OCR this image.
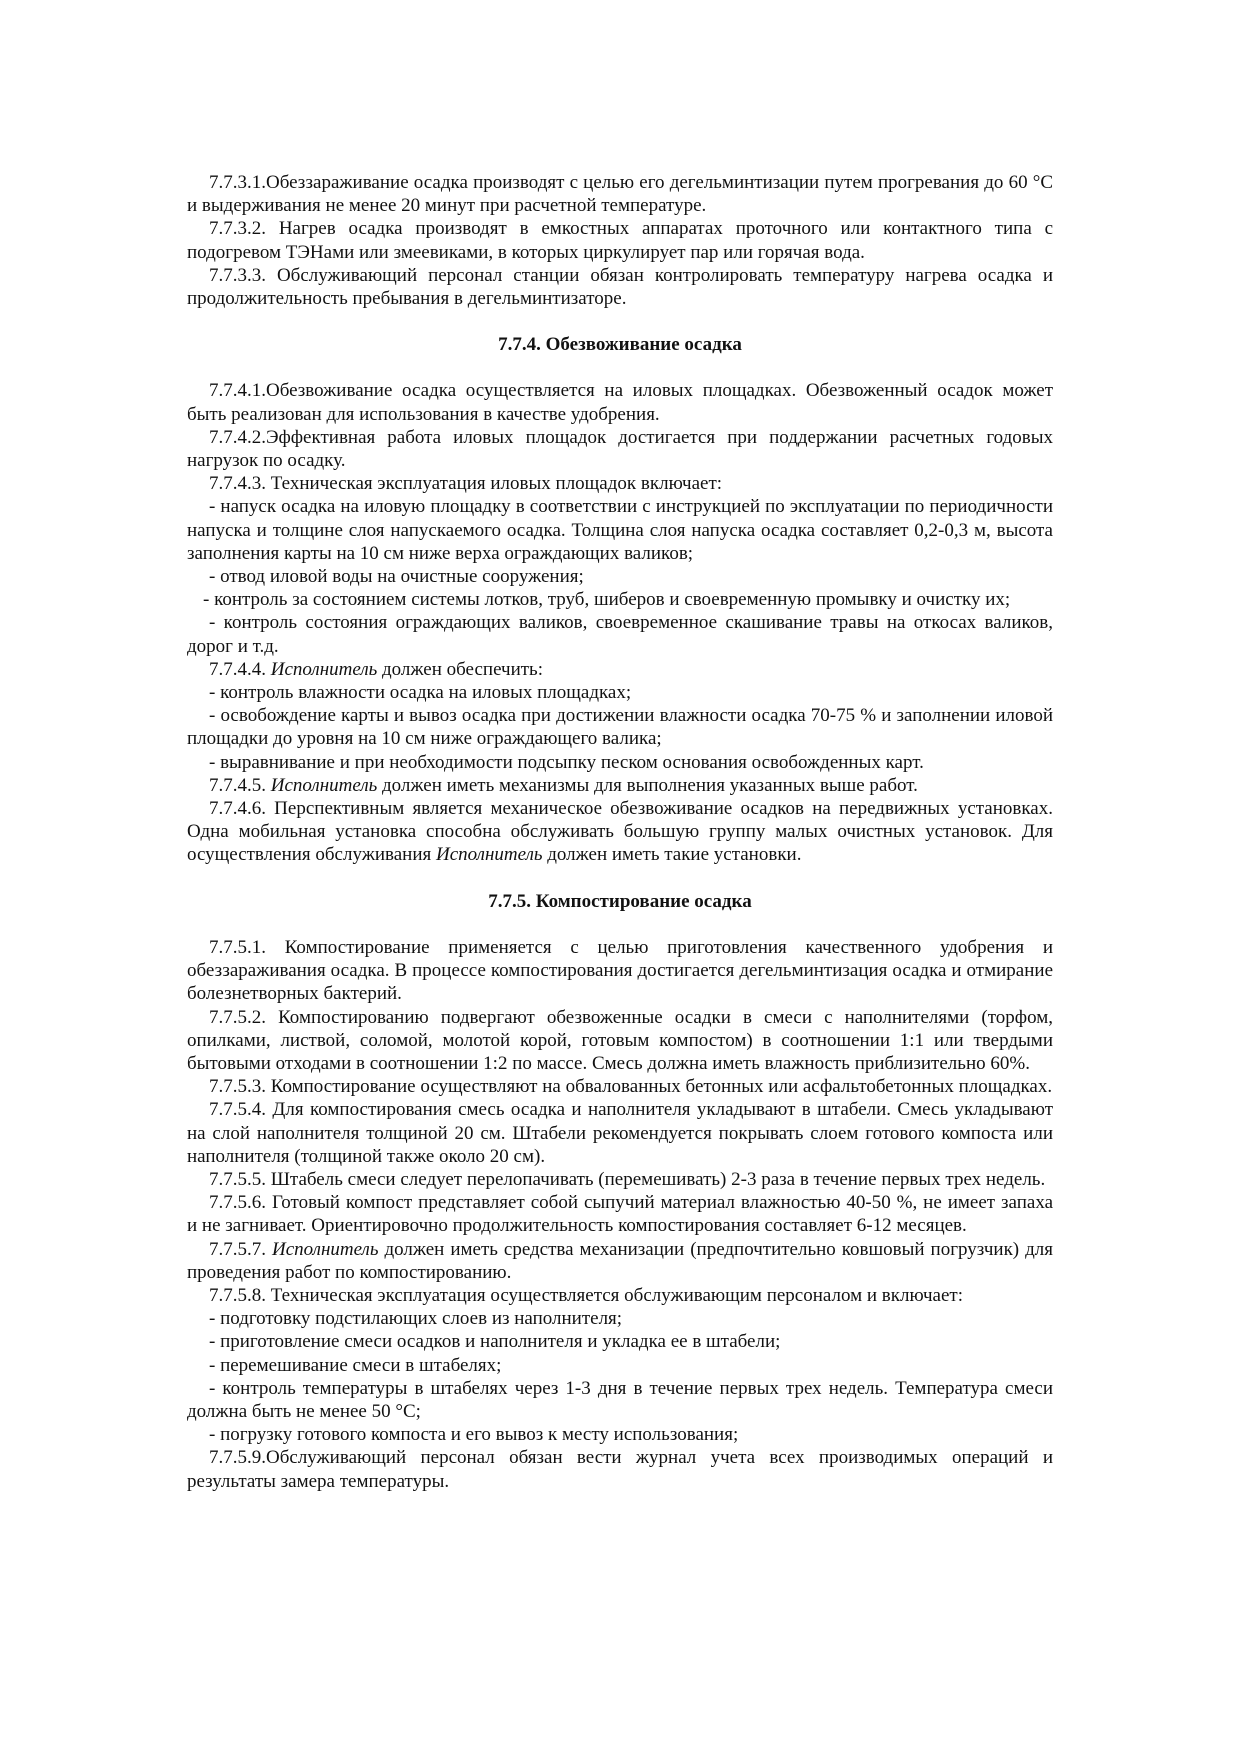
7.7.3.1.Обеззараживание осадка производят с целью его дегельминтизации путем прогревания до 60 °С и выдерживания не менее 20 минут при расчетной температуре.

7.7.3.2. Нагрев осадка производят в емкостных аппаратах проточного или контактного типа с подогревом ТЭНами или змеевиками, в которых циркулирует пар или горячая вода.

7.7.3.3. Обслуживающий персонал станции обязан контролировать температуру нагрева осадка и продолжительность пребывания в дегельминтизаторе.

7.7.4. Обезвоживание осадка

7.7.4.1.Обезвоживание осадка осуществляется на иловых площадках. Обезвоженный осадок может быть реализован для использования в качестве удобрения.

7.7.4.2.Эффективная работа иловых площадок достигается при поддержании расчетных годовых нагрузок по осадку.

7.7.4.3. Техническая эксплуатация иловых площадок включает:

- напуск осадка на иловую площадку в соответствии с инструкцией по эксплуатации по периодичности напуска и толщине слоя напускаемого осадка. Толщина слоя напуска осадка составляет 0,2-0,3 м, высота заполнения карты на 10 см ниже верха ограждающих валиков;

- отвод иловой воды на очистные сооружения;

- контроль за состоянием системы лотков, труб, шиберов и своевременную промывку и очистку их;

- контроль состояния ограждающих валиков, своевременное скашивание травы на откосах валиков, дорог и т.д.

7.7.4.4. Исполнитель должен обеспечить:

- контроль влажности осадка на иловых площадках;

- освобождение карты и вывоз осадка при достижении влажности осадка 70-75 % и заполнении иловой площадки до уровня на 10 см ниже ограждающего валика;

- выравнивание и при необходимости подсыпку песком основания освобожденных карт.

7.7.4.5. Исполнитель должен иметь механизмы для выполнения указанных выше работ.

7.7.4.6. Перспективным является механическое обезвоживание осадков на передвижных установках. Одна мобильная установка способна обслуживать большую группу малых очистных установок. Для осуществления обслуживания Исполнитель должен иметь такие установки.

7.7.5. Компостирование осадка

7.7.5.1. Компостирование применяется с целью приготовления качественного удобрения и обеззараживания осадка. В процессе компостирования достигается дегельминтизация осадка и отмирание болезнетворных бактерий.

7.7.5.2. Компостированию подвергают обезвоженные осадки в смеси с наполнителями (торфом, опилками, листвой, соломой, молотой корой, готовым компостом) в соотношении 1:1 или твердыми бытовыми отходами в соотношении 1:2 по массе. Смесь должна иметь влажность приблизительно 60%.

7.7.5.3. Компостирование осуществляют на обвалованных бетонных или асфальтобетонных площадках.

7.7.5.4. Для компостирования смесь осадка и наполнителя укладывают в штабели. Смесь укладывают на слой наполнителя толщиной 20 см. Штабели рекомендуется покрывать слоем готового компоста или наполнителя (толщиной также около 20 см).

7.7.5.5. Штабель смеси следует перелопачивать (перемешивать) 2-3 раза в течение первых трех недель.

7.7.5.6. Готовый компост представляет собой сыпучий материал влажностью 40-50 %, не имеет запаха и не загнивает. Ориентировочно продолжительность компостирования составляет 6-12 месяцев.

7.7.5.7. Исполнитель должен иметь средства механизации (предпочтительно ковшовый погрузчик) для проведения работ по компостированию.

7.7.5.8. Техническая эксплуатация осуществляется обслуживающим персоналом и включает:

- подготовку подстилающих слоев из наполнителя;

- приготовление смеси осадков и наполнителя и укладка ее в штабели;

- перемешивание смеси в штабелях;

- контроль температуры в штабелях через 1-3 дня в течение первых трех недель. Температура смеси должна быть не менее 50 °С;

- погрузку готового компоста и его вывоз к месту использования;

7.7.5.9.Обслуживающий персонал обязан вести журнал учета всех производимых операций и результаты замера температуры.
